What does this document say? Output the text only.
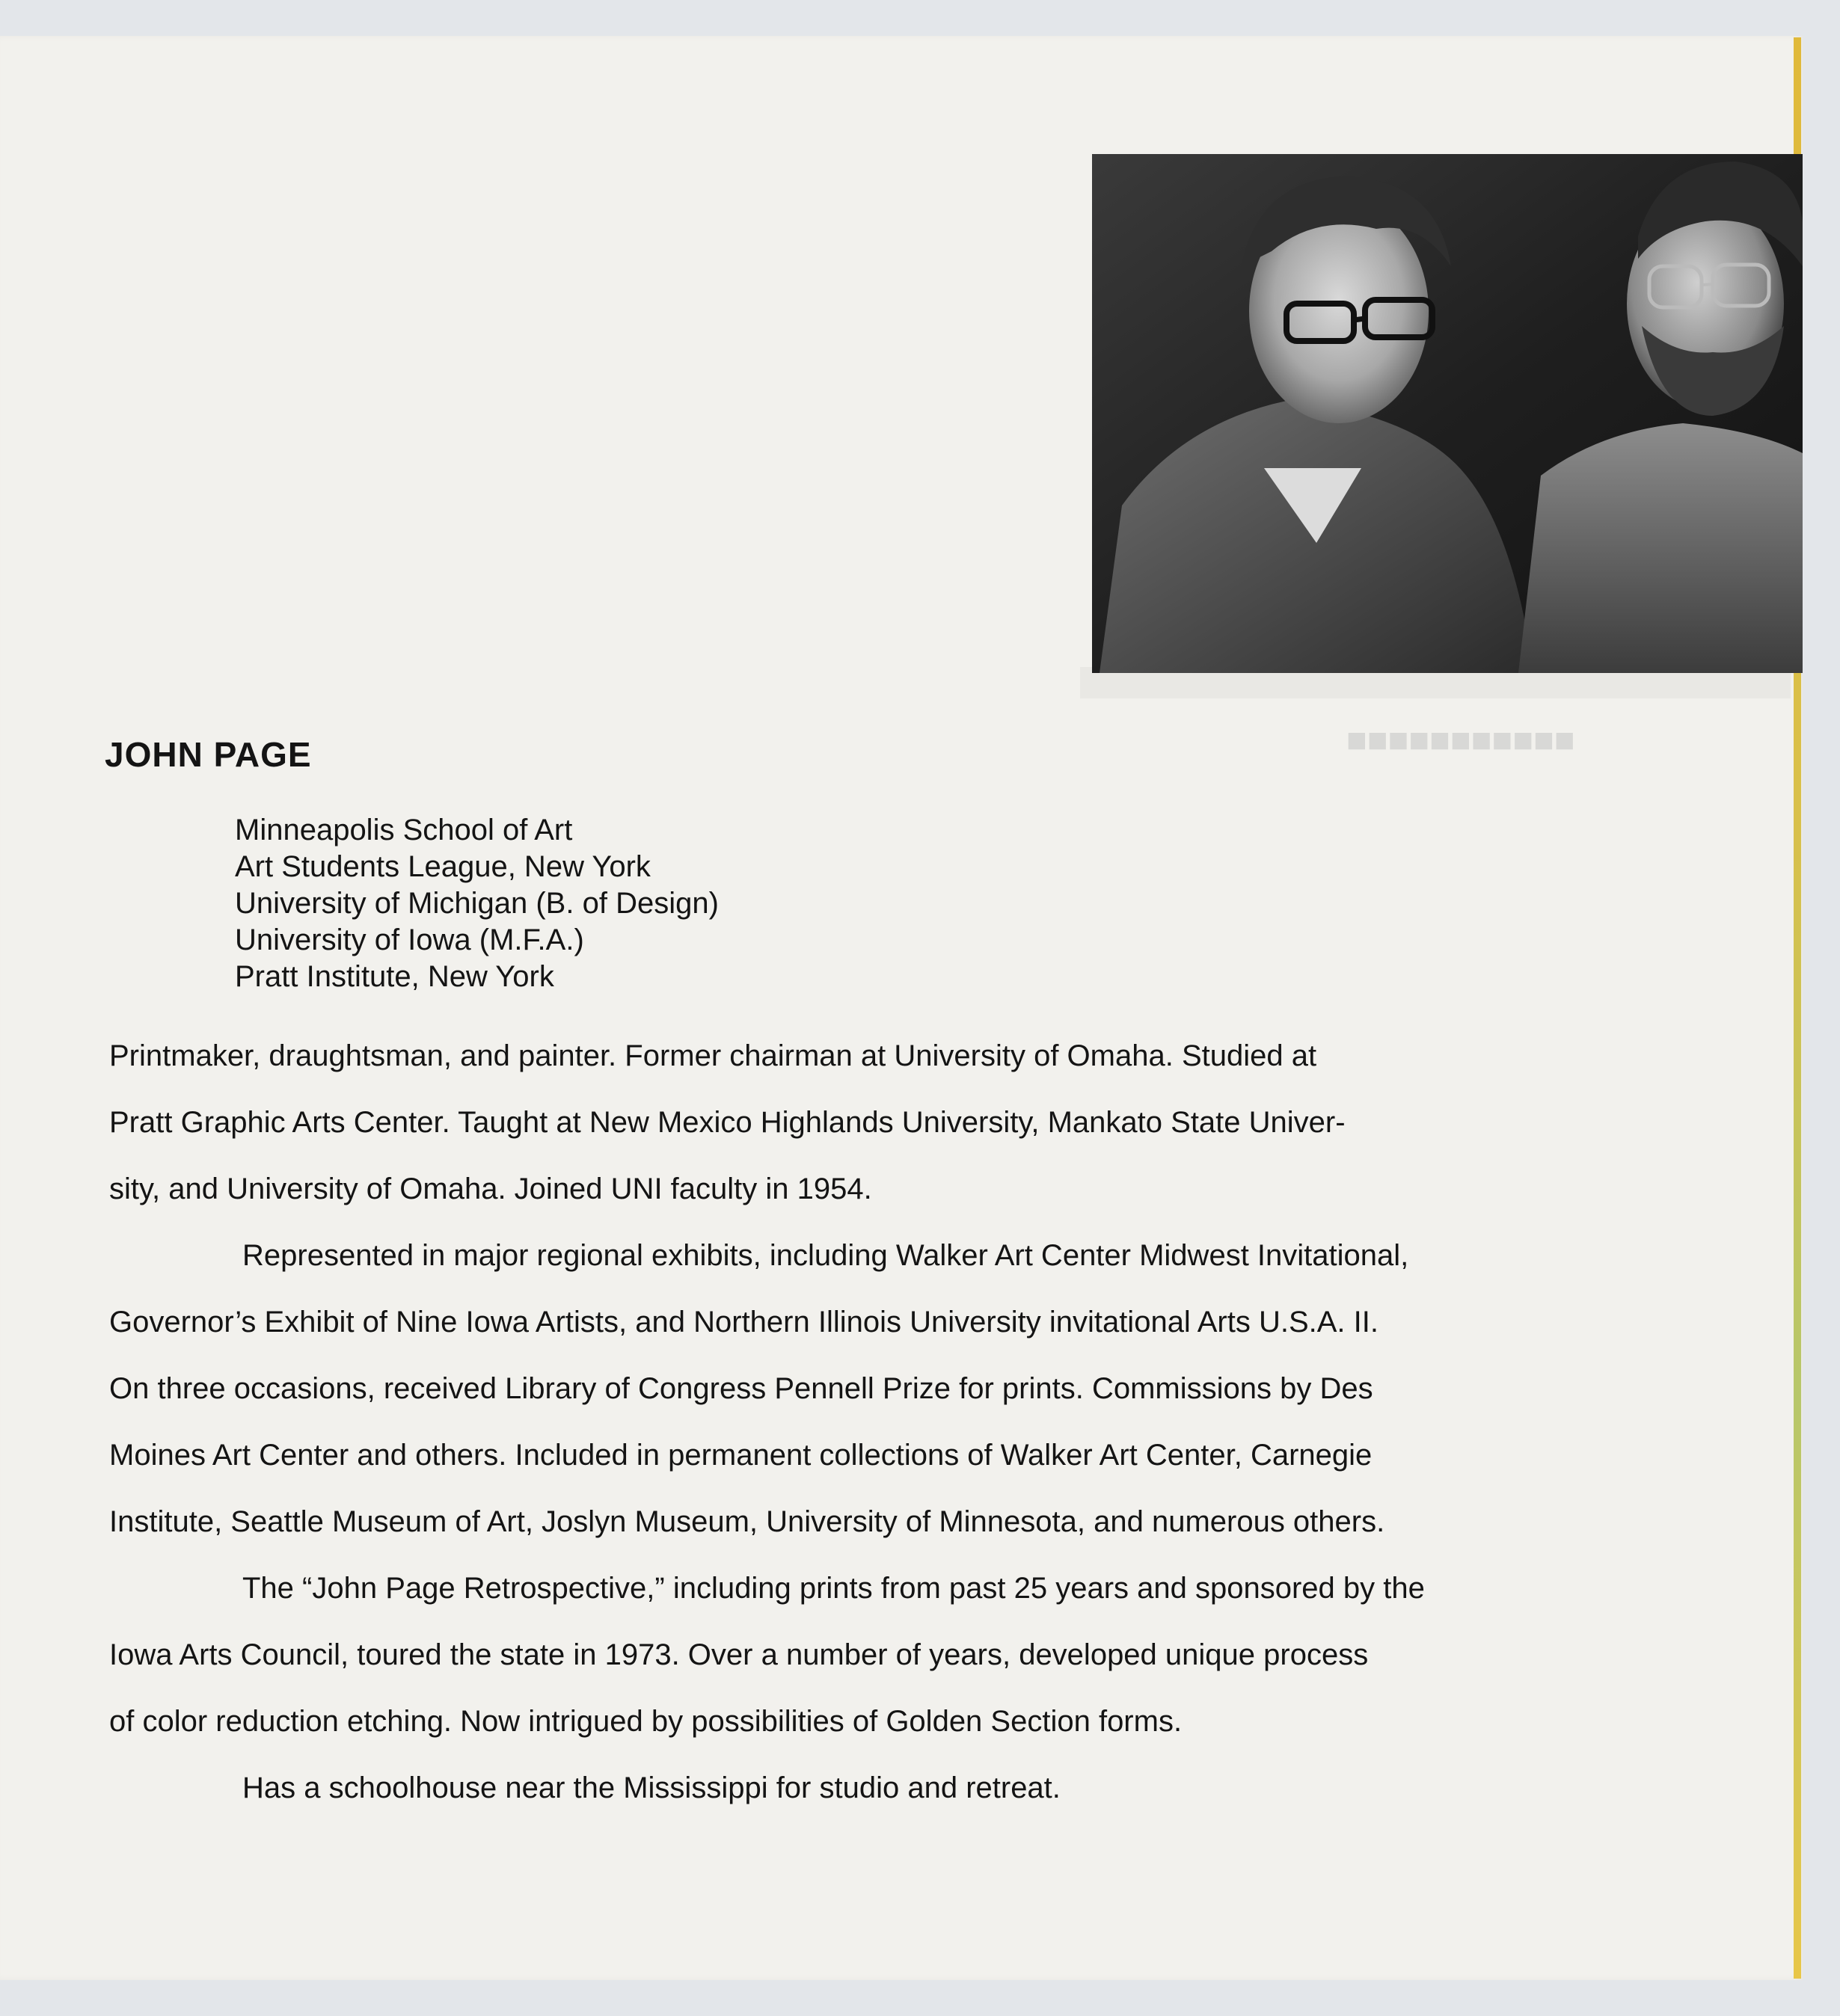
■■■■■■■■■■■
JOHN PAGE
Minneapolis School of Art
Art Students League, New York
University of Michigan (B. of Design)
University of Iowa (M.F.A.)
Pratt Institute, New York

Printmaker, draughtsman, and painter. Former chairman at University of Omaha. Studied at
Pratt Graphic Arts Center. Taught at New Mexico Highlands University, Mankato State Univer-
sity, and University of Omaha. Joined UNI faculty in 1954.

Represented in major regional exhibits, including Walker Art Center Midwest Invitational,
Governor’s Exhibit of Nine Iowa Artists, and Northern Illinois University invitational Arts U.S.A. II.
On three occasions, received Library of Congress Pennell Prize for prints. Commissions by Des
Moines Art Center and others. Included in permanent collections of Walker Art Center, Carnegie
Institute, Seattle Museum of Art, Joslyn Museum, University of Minnesota, and numerous others.

The “John Page Retrospective,” including prints from past 25 years and sponsored by the
Iowa Arts Council, toured the state in 1973. Over a number of years, developed unique process
of color reduction etching. Now intrigued by possibilities of Golden Section forms.

Has a schoolhouse near the Mississippi for studio and retreat.
